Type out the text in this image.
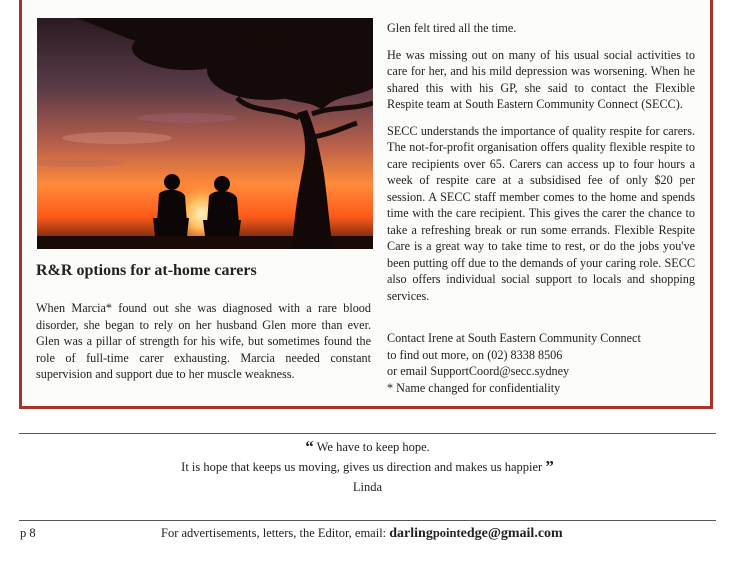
R&R options for at-home carers

When Marcia* found out she was diagnosed with a rare blood disorder, she began to rely on her husband Glen more than ever. Glen was a pillar of strength for his wife, but sometimes found the role of full-time carer exhausting. Marcia needed constant supervision and support due to her muscle weakness.

Glen felt tired all the time.

He was missing out on many of his usual social activities to care for her, and his mild depression was worsening. When he shared this with his GP, she said to contact the Flexible Respite team at South Eastern Community Connect (SECC).

SECC understands the importance of quality respite for carers. The not-for-profit organisation offers quality flexible respite to care recipients over 65. Carers can access up to four hours a week of respite care at a subsidised fee of only $20 per session. A SECC staff member comes to the home and spends time with the care recipient. This gives the carer the chance to take a refreshing break or run some errands. Flexible Respite Care is a great way to take time to rest, or do the jobs you've been putting off due to the demands of your caring role. SECC also offers individual social support to locals and shopping services.

Contact Irene at South Eastern Community Connect
to find out more, on (02) 8338 8506
or email SupportCoord@secc.sydney
* Name changed for confidentiality
“ We have to keep hope.
It is hope that keeps us moving, gives us direction and makes us happier ”
Linda
p 8	For advertisements, letters, the Editor, email: darlingpointedge@gmail.com
